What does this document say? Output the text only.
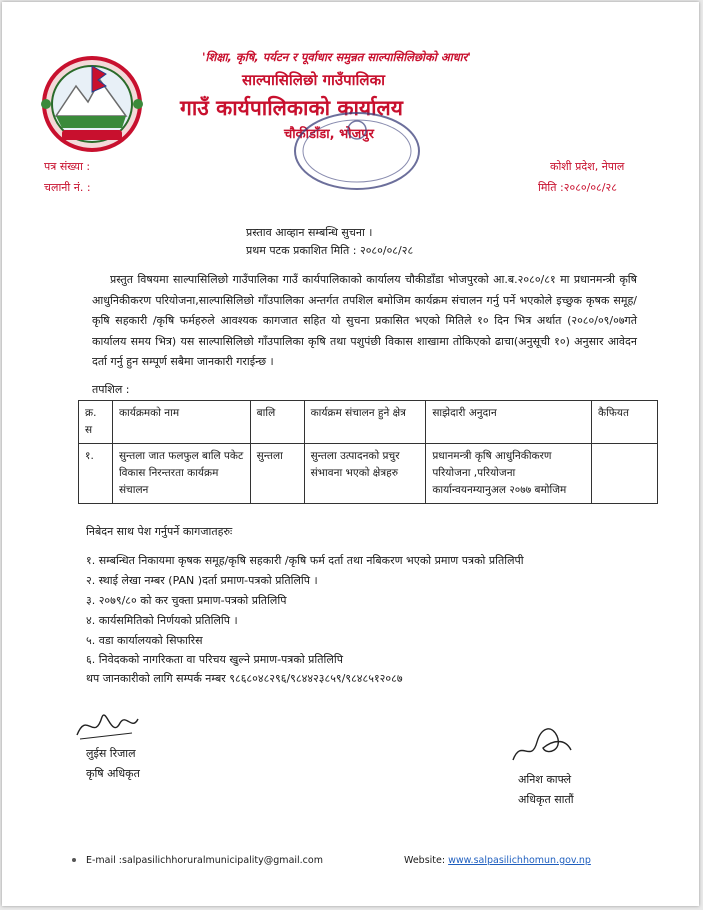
'शिक्षा, कृषि, पर्यटन र पूर्वाधार समुन्नत साल्पासिलिछोको आधार'
साल्पासिलिछो गाउँपालिका
गाउँ कार्यपालिकाको कार्यालय
चौकीडाँडा, भोजपुर
पत्र संख्या :
चलानी नं. :
कोशी प्रदेश, नेपाल
मिति :२०८०/०८/२८
प्रस्ताव आव्हान सम्बन्धि सुचना ।
प्रथम पटक प्रकाशित मिति : २०८०/०८/२८
प्रस्तुत विषयमा साल्पासिलिछो गाउँपालिका गाउँ कार्यपालिकाको कार्यालय चौकीडाँडा भोजपुरको आ.ब.२०८०/८१ मा प्रधानमन्त्री कृषि आधुनिकीकरण परियोजना,साल्पासिलिछो गाँउपालिका अन्तर्गत तपशिल बमोजिम कार्यक्रम संचालन गर्नु पर्ने भएकोले इच्छुक कृषक समूह/कृषि सहकारी /कृषि फर्महरुले आवश्यक कागजात सहित यो सुचना प्रकासित भएको मितिले १० दिन भित्र अर्थात (२०८०/०९/०७गते कार्यालय समय भित्र) यस साल्पासिलिछो गाँउपालिका कृषि तथा पशुपंछी विकास शाखामा तोकिएको ढाचा(अनुसूची १०) अनुसार आवेदन दर्ता गर्नु हुन सम्पूर्ण सबैमा जानकारी गराईन्छ ।
तपशिल :
क्र. स	कार्यक्रमको नाम	बालि	कार्यक्रम संचालन हुने क्षेत्र	साझेदारी अनुदान	कैफियत
१.	सुन्तला जात फलफुल बालि पकेट विकास निरन्तरता कार्यक्रम संचालन	सुन्तला	सुन्तला उत्पादनको प्रचुर संभावना भएको क्षेत्रहरु	प्रधानमन्त्री कृषि आधुनिकीकरण परियोजना ,परियोजना कार्यान्वयनम्यानुअल २०७७ बमोजिम	
निबेदन साथ पेश गर्नुपर्ने कागजातहरुः
१. सम्बन्धित निकायमा कृषक समूह/कृषि सहकारी /कृषि फर्म दर्ता तथा नबिकरण भएको प्रमाण पत्रको प्रतिलिपी
२. स्थाई लेखा नम्बर (PAN )दर्ता प्रमाण-पत्रको प्रतिलिपि ।
३. २०७९/८० को कर चुक्ता प्रमाण-पत्रको प्रतिलिपि
४. कार्यसमितिको निर्णयको प्रतिलिपि ।
५. वडा कार्यालयको सिफारिस
६. निवेदकको नागरिकता वा परिचय खुल्ने प्रमाण-पत्रको प्रतिलिपि
थप जानकारीको लागि सम्पर्क नम्बर ९८६८०४८२९६/९८४४२३८५९/९८४८५१२०८७
लुईस रिजाल
कृषि अधिकृत	अनिश काफ्ले
अधिकृत सातौं
E-mail :salpasilichhoruralmunicipality@gmail.com	Website: www.salpasilichhomun.gov.np
